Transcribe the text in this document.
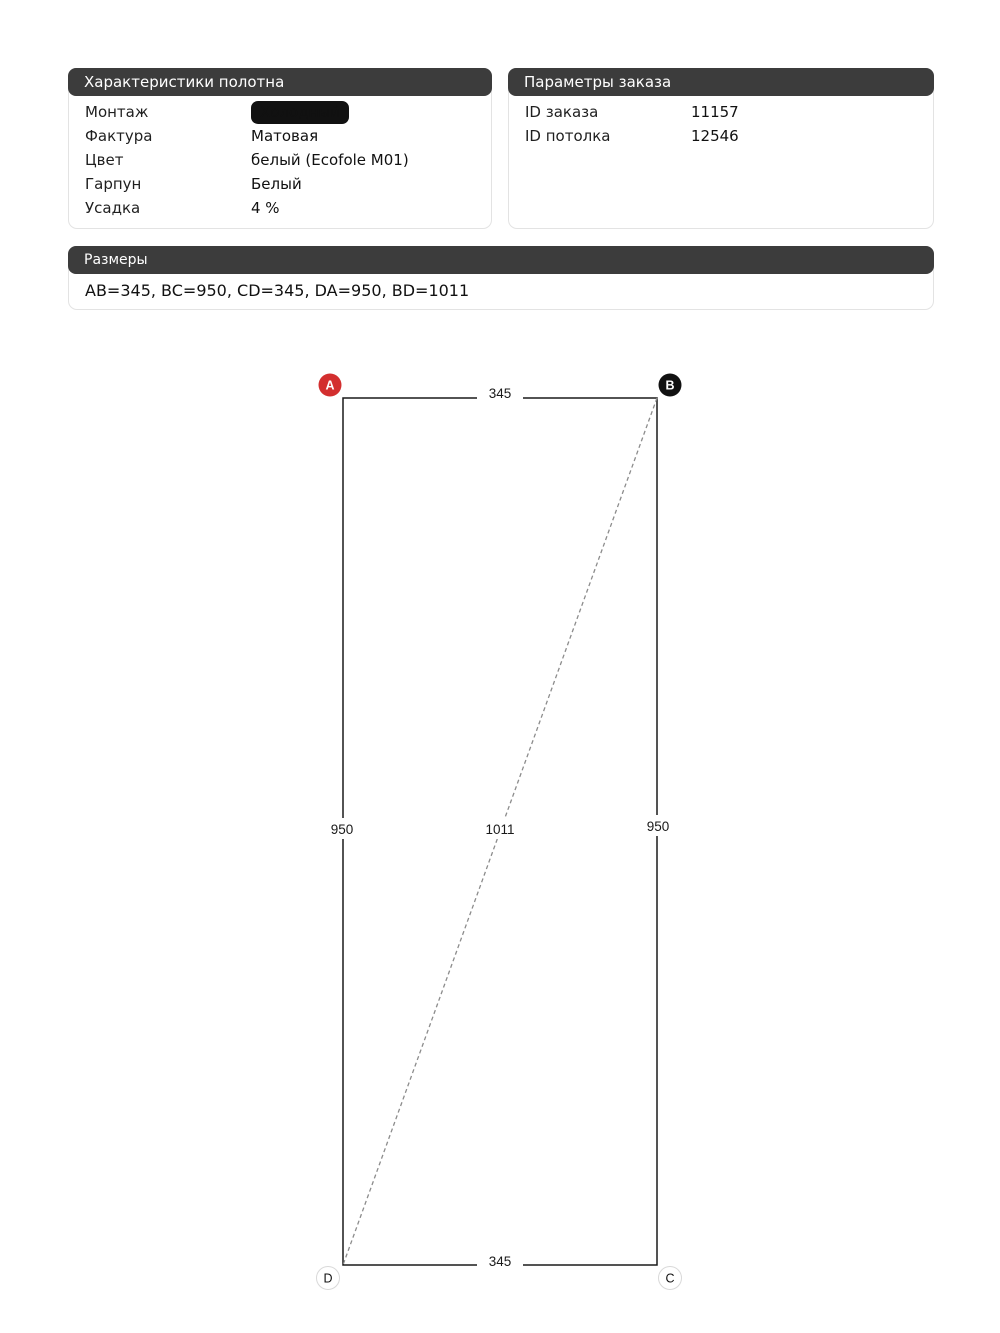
Характеристики полотна
Монтаж	Холодный
Фактура	Матовая
Цвет	белый (Ecofole M01)
Гарпун	Белый
Усадка	4 %
Параметры заказа
ID заказа	11157
ID потолка	12546
Размеры
AB=345, BC=950, CD=345, DA=950, BD=1011
345
345
950	950
1011
A	B
C
D
